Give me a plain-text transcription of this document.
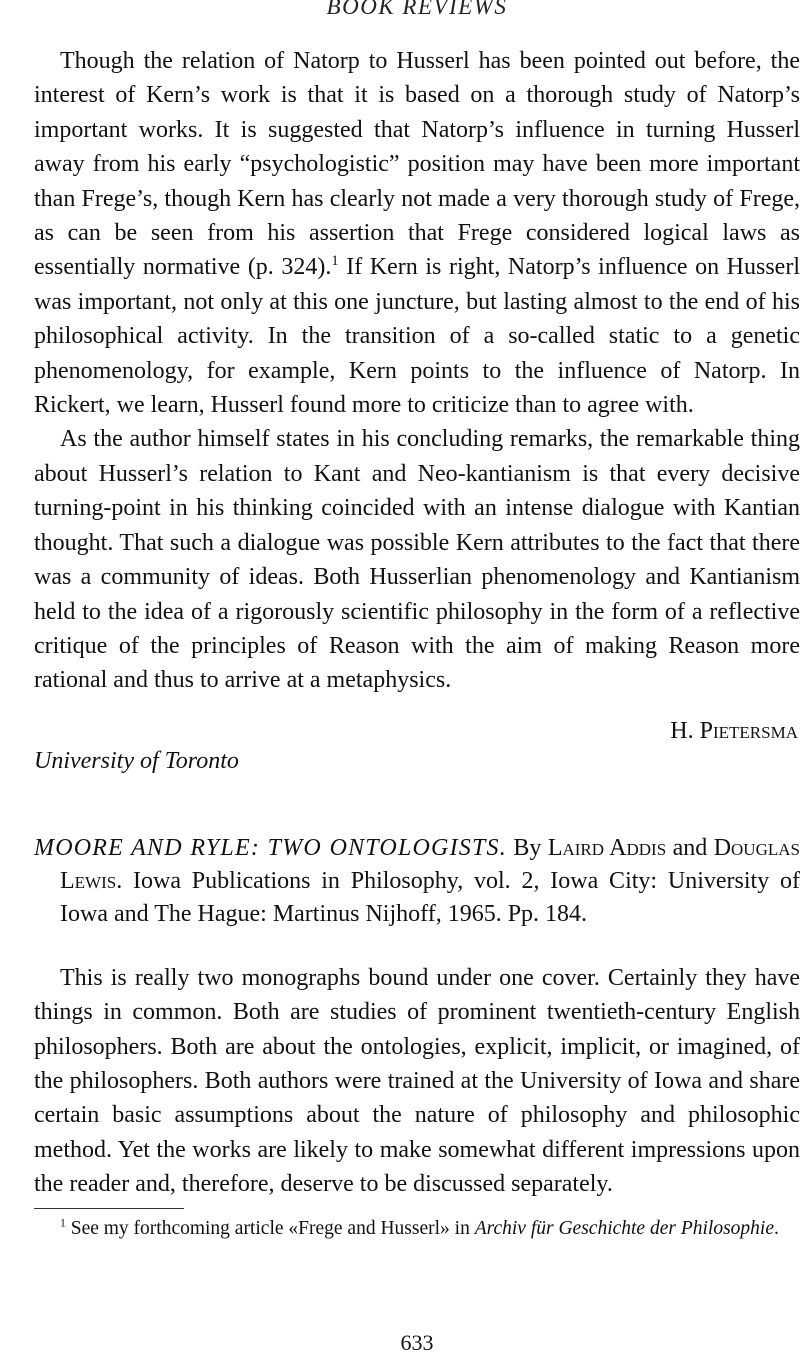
BOOK REVIEWS

Though the relation of Natorp to Husserl has been pointed out before, the interest of Kern’s work is that it is based on a thorough study of Natorp’s important works. It is suggested that Natorp’s influence in turning Husserl away from his early “psychologistic” position may have been more important than Frege’s, though Kern has clearly not made a very thorough study of Frege, as can be seen from his assertion that Frege considered logical laws as essentially normative (p. 324).$^1$ If Kern is right, Natorp’s influence on Husserl was important, not only at this one juncture, but lasting almost to the end of his philosophical activity. In the transition of a so-called static to a genetic phenomenology, for example, Kern points to the influence of Natorp. In Rickert, we learn, Husserl found more to criticize than to agree with.

As the author himself states in his concluding remarks, the remarkable thing about Husserl’s relation to Kant and Neo-kantianism is that every decisive turning-point in his thinking coincided with an intense dialogue with Kantian thought. That such a dialogue was possible Kern attributes to the fact that there was a community of ideas. Both Husserlian phenomenology and Kantianism held to the idea of a rigorously scientific philosophy in the form of a reflective critique of the principles of Reason with the aim of making Reason more rational and thus to arrive at a metaphysics.

H. Pietersma
University of Toronto
MOORE AND RYLE: TWO ONTOLOGISTS. By Laird Addis and Douglas Lewis. Iowa Publications in Philosophy, vol. 2, Iowa City: University of Iowa and The Hague: Martinus Nijhoff, 1965. Pp. 184.

This is really two monographs bound under one cover. Certainly they have things in common. Both are studies of prominent twentieth-century English philosophers. Both are about the ontologies, explicit, implicit, or imagined, of the philosophers. Both authors were trained at the University of Iowa and share certain basic assumptions about the nature of philosophy and philosophic method. Yet the works are likely to make somewhat different impressions upon the reader and, therefore, deserve to be discussed separately.

$^1$ See my forthcoming article «Frege and Husserl» in Archiv für Geschichte der Philosophie.
633
